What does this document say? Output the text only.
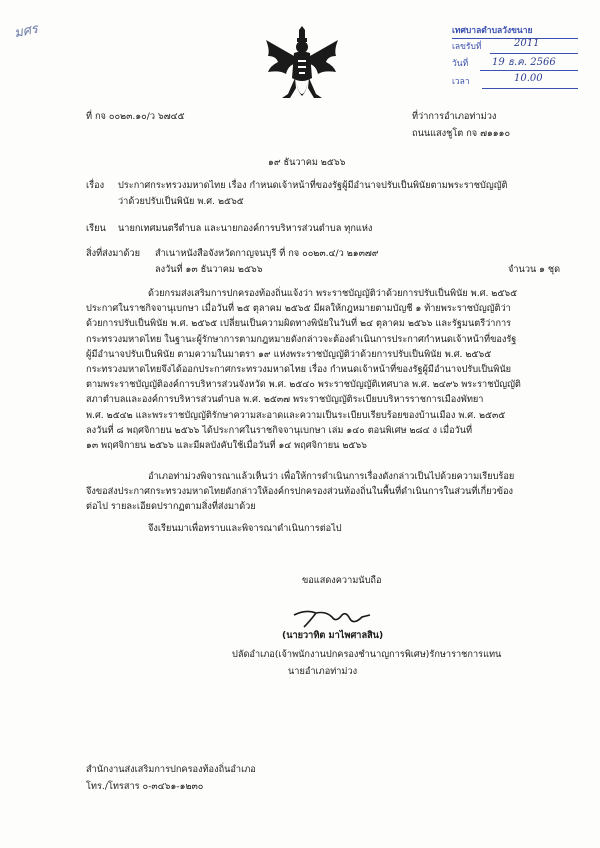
มศร	เทศบาลตำบลวังขนาย
เลขรับที่	2011
วันที่ 19 ธ.ค. 2566
เวลา	10.00
ที่ กจ ๐๐๒๓.๑๐/ว ๖๗๔๕	ที่ว่าการอำเภอท่าม่วง
ถนนแสงชูโต กจ ๗๑๑๑๐
๑๙ ธันวาคม ๒๕๖๖
เรื่อง ประกาศกระทรวงมหาดไทย เรื่อง กำหนดเจ้าหน้าที่ของรัฐผู้มีอำนาจปรับเป็นพินัยตามพระราชบัญญัติ
ว่าด้วยปรับเป็นพินัย พ.ศ. ๒๕๖๕
เรียน นายกเทศมนตรีตำบล และนายกองค์การบริหารส่วนตำบล ทุกแห่ง
สิ่งที่ส่งมาด้วย สำเนาหนังสือจังหวัดกาญจนบุรี ที่ กจ ๐๐๒๓.๔/ว ๒๑๓๗๙
ลงวันที่ ๑๓ ธันวาคม ๒๕๖๖	จำนวน ๑ ชุด
ด้วยกรมส่งเสริมการปกครองท้องถิ่นแจ้งว่า พระราชบัญญัติว่าด้วยการปรับเป็นพินัย พ.ศ. ๒๕๖๕
ประกาศในราชกิจจานุเบกษา เมื่อวันที่ ๒๕ ตุลาคม ๒๕๖๕ มีผลให้กฎหมายตามบัญชี ๑ ท้ายพระราชบัญญัติว่า
ด้วยการปรับเป็นพินัย พ.ศ. ๒๕๖๕ เปลี่ยนเป็นความผิดทางพินัยในวันที่ ๒๔ ตุลาคม ๒๕๖๖ และรัฐมนตรีว่าการ
กระทรวงมหาดไทย ในฐานะผู้รักษาการตามกฎหมายดังกล่าวจะต้องดำเนินการประกาศกำหนดเจ้าหน้าที่ของรัฐ
ผู้มีอำนาจปรับเป็นพินัย ตามความในมาตรา ๑๙ แห่งพระราชบัญญัติว่าด้วยการปรับเป็นพินัย พ.ศ. ๒๕๖๕
กระทรวงมหาดไทยจึงได้ออกประกาศกระทรวงมหาดไทย เรื่อง กำหนดเจ้าหน้าที่ของรัฐผู้มีอำนาจปรับเป็นพินัย
ตามพระราชบัญญัติองค์การบริหารส่วนจังหวัด พ.ศ. ๒๕๔๐ พระราชบัญญัติเทศบาล พ.ศ. ๒๔๙๖ พระราชบัญญัติ
สภาตำบลและองค์การบริหารส่วนตำบล พ.ศ. ๒๕๓๗ พระราชบัญญัติระเบียบบริหารราชการเมืองพัทยา
พ.ศ. ๒๕๔๒ และพระราชบัญญัติรักษาความสะอาดและความเป็นระเบียบเรียบร้อยของบ้านเมือง พ.ศ. ๒๕๓๕
ลงวันที่ ๘ พฤศจิกายน ๒๕๖๖ ได้ประกาศในราชกิจจานุเบกษา เล่ม ๑๔๐ ตอนพิเศษ ๒๘๔ ง เมื่อวันที่
๑๓ พฤศจิกายน ๒๕๖๖ และมีผลบังคับใช้เมื่อวันที่ ๑๔ พฤศจิกายน ๒๕๖๖
อำเภอท่าม่วงพิจารณาแล้วเห็นว่า เพื่อให้การดำเนินการเรื่องดังกล่าวเป็นไปด้วยความเรียบร้อย
จึงขอส่งประกาศกระทรวงมหาดไทยดังกล่าวให้องค์กรปกครองส่วนท้องถิ่นในพื้นที่ดำเนินการในส่วนที่เกี่ยวข้อง
ต่อไป รายละเอียดปรากฏตามสิ่งที่ส่งมาด้วย
จึงเรียนมาเพื่อทราบและพิจารณาดำเนินการต่อไป
ขอแสดงความนับถือ
(นายวาทิต มาไพศาลสิน)
ปลัดอำเภอ(เจ้าพนักงานปกครองชำนาญการพิเศษ)รักษาราชการแทน
นายอำเภอท่าม่วง
สำนักงานส่งเสริมการปกครองท้องถิ่นอำเภอ
โทร./โทรสาร ๐-๓๔๖๑-๑๒๓๐
